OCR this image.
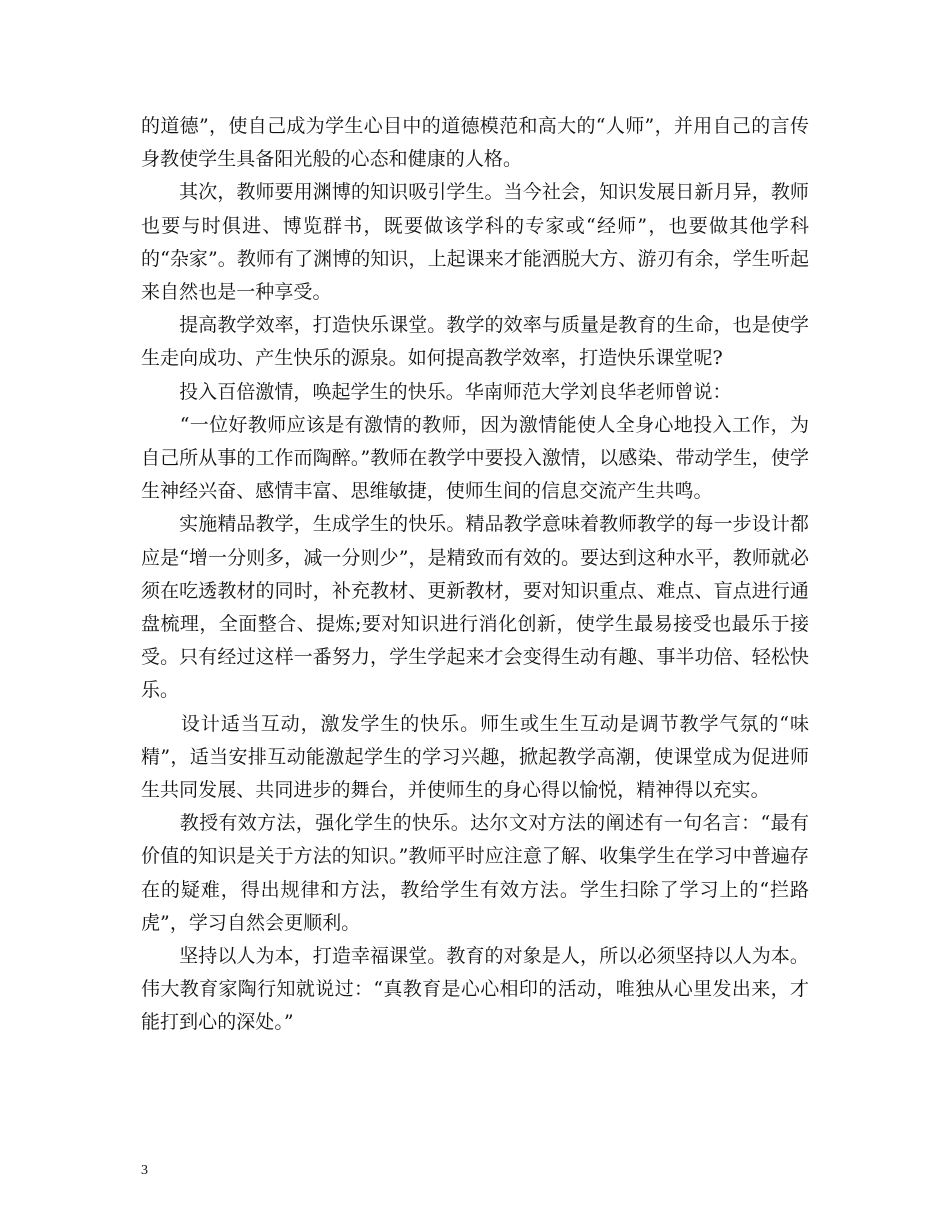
的道德”，使自己成为学生心目中的道德模范和高大的“人师”，并用自己的言传身教使学生具备阳光般的心态和健康的人格。

　　其次，教师要用渊博的知识吸引学生。当今社会，知识发展日新月异，教师也要与时俱进、博览群书，既要做该学科的专家或“经师”，也要做其他学科的“杂家”。教师有了渊博的知识，上起课来才能洒脱大方、游刃有余，学生听起来自然也是一种享受。

　　提高教学效率，打造快乐课堂。教学的效率与质量是教育的生命，也是使学生走向成功、产生快乐的源泉。如何提高教学效率，打造快乐课堂呢?

　　投入百倍激情，唤起学生的快乐。华南师范大学刘良华老师曾说：

　　“一位好教师应该是有激情的教师，因为激情能使人全身心地投入工作，为自己所从事的工作而陶醉。”教师在教学中要投入激情，以感染、带动学生，使学生神经兴奋、感情丰富、思维敏捷，使师生间的信息交流产生共鸣。

　　实施精品教学，生成学生的快乐。精品教学意味着教师教学的每一步设计都应是“增一分则多，减一分则少”，是精致而有效的。要达到这种水平，教师就必须在吃透教材的同时，补充教材、更新教材，要对知识重点、难点、盲点进行通盘梳理，全面整合、提炼;要对知识进行消化创新，使学生最易接受也最乐于接受。只有经过这样一番努力，学生学起来才会变得生动有趣、事半功倍、轻松快乐。

　　设计适当互动，激发学生的快乐。师生或生生互动是调节教学气氛的“味精”，适当安排互动能激起学生的学习兴趣，掀起教学高潮，使课堂成为促进师生共同发展、共同进步的舞台，并使师生的身心得以愉悦，精神得以充实。

　　教授有效方法，强化学生的快乐。达尔文对方法的阐述有一句名言：“最有价值的知识是关于方法的知识。”教师平时应注意了解、收集学生在学习中普遍存在的疑难，得出规律和方法，教给学生有效方法。学生扫除了学习上的“拦路虎”，学习自然会更顺利。

　　坚持以人为本，打造幸福课堂。教育的对象是人，所以必须坚持以人为本。伟大教育家陶行知就说过：“真教育是心心相印的活动，唯独从心里发出来，才能打到心的深处。”

3
